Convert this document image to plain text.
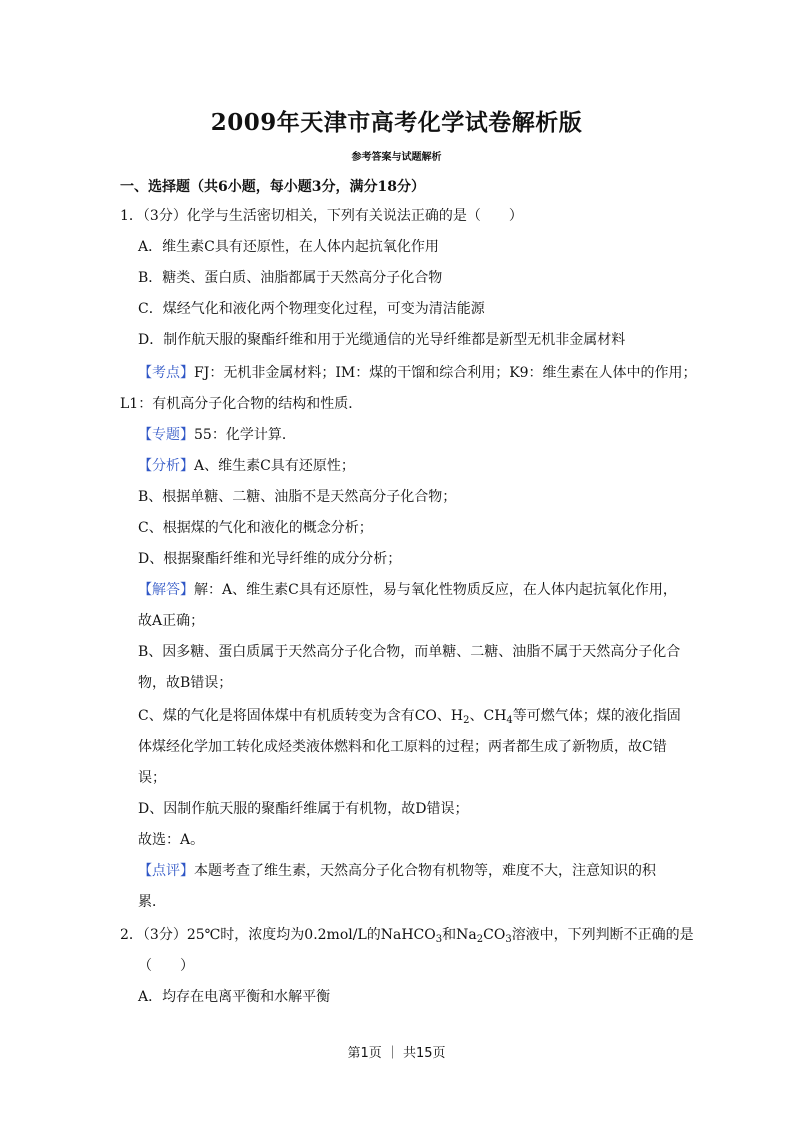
2009年天津市高考化学试卷解析版
参考答案与试题解析
一、选择题（共6小题，每小题3分，满分18分）
1．（3分）化学与生活密切相关，下列有关说法正确的是（　　）
A．维生素C具有还原性，在人体内起抗氧化作用
B．糖类、蛋白质、油脂都属于天然高分子化合物
C．煤经气化和液化两个物理变化过程，可变为清洁能源
D．制作航天服的聚酯纤维和用于光缆通信的光导纤维都是新型无机非金属材料
【考点】FJ：无机非金属材料；IM：煤的干馏和综合利用；K9：维生素在人体中的作用；
L1：有机高分子化合物的结构和性质．
【专题】55：化学计算．
【分析】A、维生素C具有还原性；
B、根据单糖、二糖、油脂不是天然高分子化合物；
C、根据煤的气化和液化的概念分析；
D、根据聚酯纤维和光导纤维的成分分析；
【解答】解：A、维生素C具有还原性，易与氧化性物质反应，在人体内起抗氧化作用，
故A正确；
B、因多糖、蛋白质属于天然高分子化合物，而单糖、二糖、油脂不属于天然高分子化合
物，故B错误；
C、煤的气化是将固体煤中有机质转变为含有CO、$H_2$、$CH_4$等可燃气体；煤的液化指固
体煤经化学加工转化成烃类液体燃料和化工原料的过程；两者都生成了新物质，故C错
误；
D、因制作航天服的聚酯纤维属于有机物，故D错误；
故选：A。
【点评】本题考查了维生素，天然高分子化合物有机物等，难度不大，注意知识的积
累．
2．（3分）25℃时，浓度均为0.2mol/L的NaHCO$_3$和$Na_2CO_3$溶液中，下列判断不正确的是
（　　）
A．均存在电离平衡和水解平衡
第1页 ｜ 共15页
